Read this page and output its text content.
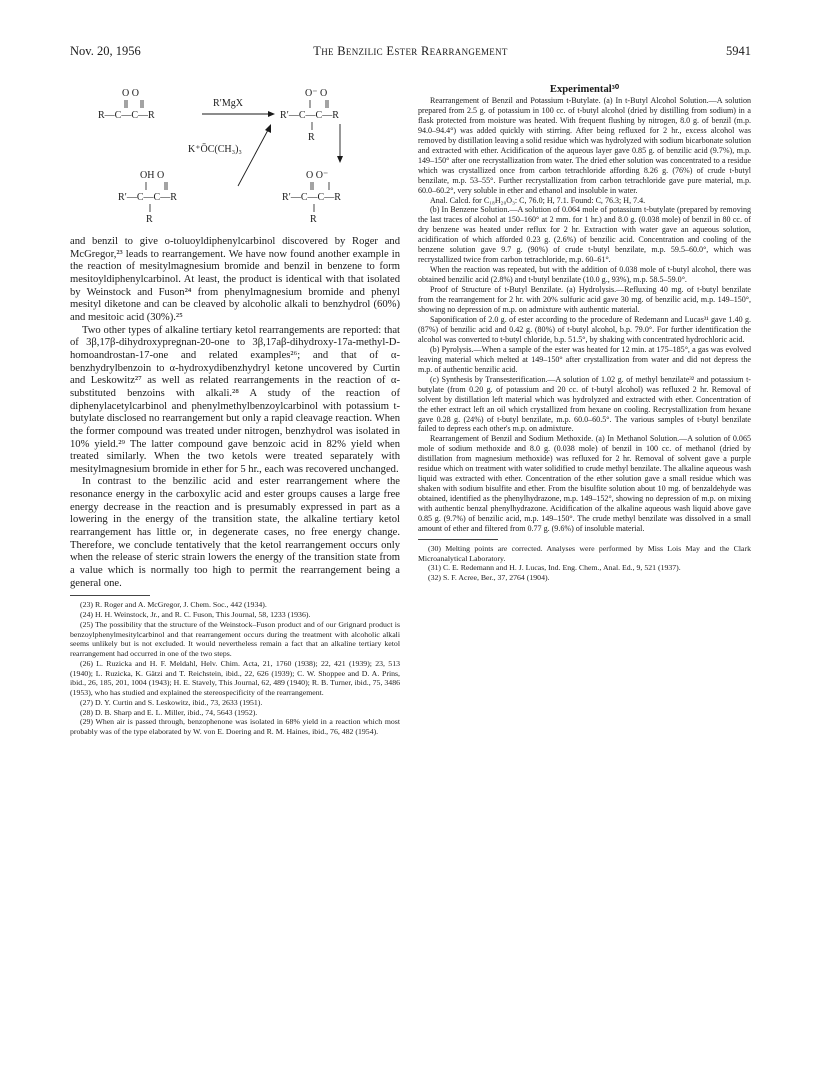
Nov. 20, 1956	The Benzilic Ester Rearrangement	5941
O O
R—C—C—R
R′MgX
O⁻ O
R′—C—C—R
R
K⁺ŌC(CH₃)₃
OH O
R′—C—C—R
R
O O⁻
R′—C—C—R
R

and benzil to give o-toluoyldiphenylcarbinol discovered by Roger and McGregor,²³ leads to rearrangement. We have now found another example in the reaction of mesitylmagnesium bromide and benzil in benzene to form mesitoyldiphenylcarbinol. At least, the product is identical with that isolated by Weinstock and Fuson²⁴ from phenylmagnesium bromide and phenyl mesityl diketone and can be cleaved by alcoholic alkali to benzhydrol (60%) and mesitoic acid (30%).²⁵

Two other types of alkaline tertiary ketol rearrangements are reported: that of 3β,17β-dihydroxypregnan-20-one to 3β,17aβ-dihydroxy-17a-methyl-D-homoandrostan-17-one and related examples²⁶; and that of α-benzhydrylbenzoin to α-hydroxydibenzhydryl ketone uncovered by Curtin and Leskowitz²⁷ as well as related rearrangements in the reaction of α-substituted benzoins with alkali.²⁸ A study of the reaction of diphenylacetylcarbinol and phenylmethylbenzoylcarbinol with potassium t-butylate disclosed no rearrangement but only a rapid cleavage reaction. When the former compound was treated under nitrogen, benzhydrol was isolated in 10% yield.²⁹ The latter compound gave benzoic acid in 82% yield when treated similarly. When the two ketols were treated separately with mesitylmagnesium bromide in ether for 5 hr., each was recovered unchanged.

In contrast to the benzilic acid and ester rearrangement where the resonance energy in the carboxylic acid and ester groups causes a large free energy decrease in the reaction and is presumably expressed in part as a lowering in the energy of the transition state, the alkaline tertiary ketol rearrangement has little or, in degenerate cases, no free energy change. Therefore, we conclude tentatively that the ketol rearrangement occurs only when the release of steric strain lowers the energy of the transition state from a value which is normally too high to permit the rearrangement being a general one.

(23) R. Roger and A. McGregor, J. Chem. Soc., 442 (1934).

(24) H. H. Weinstock, Jr., and R. C. Fuson, This Journal, 58, 1233 (1936).

(25) The possibility that the structure of the Weinstock–Fuson product and of our Grignard product is benzoylphenylmesitylcarbinol and that rearrangement occurs during the treatment with alcoholic alkali seems unlikely but is not excluded. It would nevertheless remain a fact that an alkaline tertiary ketol rearrangement had occurred in one of the two steps.

(26) L. Ruzicka and H. F. Meldahl, Helv. Chim. Acta, 21, 1760 (1938); 22, 421 (1939); 23, 513 (1940); L. Ruzicka, K. Gätzi and T. Reichstein, ibid., 22, 626 (1939); C. W. Shoppee and D. A. Prins, ibid., 26, 185, 201, 1004 (1943); H. E. Stavely, This Journal, 62, 489 (1940); R. B. Turner, ibid., 75, 3486 (1953), who has studied and explained the stereospecificity of the rearrangement.

(27) D. Y. Curtin and S. Leskowitz, ibid., 73, 2633 (1951).

(28) D. B. Sharp and E. L. Miller, ibid., 74, 5643 (1952).

(29) When air is passed through, benzophenone was isolated in 68% yield in a reaction which most probably was of the type elaborated by W. von E. Doering and R. M. Haines, ibid., 76, 482 (1954).

Experimental³⁰

Rearrangement of Benzil and Potassium t-Butylate. (a) In t-Butyl Alcohol Solution.—A solution prepared from 2.5 g. of potassium in 100 cc. of t-butyl alcohol (dried by distilling from sodium) in a flask protected from moisture was heated. With frequent flushing by nitrogen, 8.0 g. of benzil (m.p. 94.0–94.4°) was added quickly with stirring. After being refluxed for 2 hr., excess alcohol was removed by distillation leaving a solid residue which was hydrolyzed with sodium bicarbonate solution and extracted with ether. Acidification of the aqueous layer gave 0.85 g. of benzilic acid (9.7%), m.p. 149–150° after one recrystallization from water. The dried ether solution was concentrated to a residue which was crystallized once from carbon tetrachloride affording 8.26 g. (76%) of crude t-butyl benzilate, m.p. 53–55°. Further recrystallization from carbon tetrachloride gave pure material, m.p. 60.0–60.2°, very soluble in ether and ethanol and insoluble in water.

Anal. Calcd. for C₁₈H₂₀O₃: C, 76.0; H, 7.1. Found: C, 76.3; H, 7.4.

(b) In Benzene Solution.—A solution of 0.064 mole of potassium t-butylate (prepared by removing the last traces of alcohol at 150–160° at 2 mm. for 1 hr.) and 8.0 g. (0.038 mole) of benzil in 80 cc. of dry benzene was heated under reflux for 2 hr. Extraction with water gave an aqueous solution, acidification of which afforded 0.23 g. (2.6%) of benzilic acid. Concentration and cooling of the benzene solution gave 9.7 g. (90%) of crude t-butyl benzilate, m.p. 59.5–60.0°, which was recrystallized twice from carbon tetrachloride, m.p. 60–61°.

When the reaction was repeated, but with the addition of 0.038 mole of t-butyl alcohol, there was obtained benzilic acid (2.8%) and t-butyl benzilate (10.0 g., 93%), m.p. 58.5–59.0°.

Proof of Structure of t-Butyl Benzilate. (a) Hydrolysis.—Refluxing 40 mg. of t-butyl benzilate from the rearrangement for 2 hr. with 20% sulfuric acid gave 30 mg. of benzilic acid, m.p. 149–150°, showing no depression of m.p. on admixture with authentic material.

Saponification of 2.0 g. of ester according to the procedure of Redemann and Lucas³¹ gave 1.40 g. (87%) of benzilic acid and 0.42 g. (80%) of t-butyl alcohol, b.p. 79.0°. For further identification the alcohol was converted to t-butyl chloride, b.p. 51.5°, by shaking with concentrated hydrochloric acid.

(b) Pyrolysis.—When a sample of the ester was heated for 12 min. at 175–185°, a gas was evolved leaving material which melted at 149–150° after crystallization from water and did not depress the m.p. of authentic benzilic acid.

(c) Synthesis by Transesterification.—A solution of 1.02 g. of methyl benzilate³² and potassium t-butylate (from 0.20 g. of potassium and 20 cc. of t-butyl alcohol) was refluxed 2 hr. Removal of solvent by distillation left material which was hydrolyzed and extracted with ether. Concentration of the ether extract left an oil which crystallized from hexane on cooling. Recrystallization from hexane gave 0.28 g. (24%) of t-butyl benzilate, m.p. 60.0–60.5°. The various samples of t-butyl benzilate failed to depress each other's m.p. on admixture.

Rearrangement of Benzil and Sodium Methoxide. (a) In Methanol Solution.—A solution of 0.065 mole of sodium methoxide and 8.0 g. (0.038 mole) of benzil in 100 cc. of methanol (dried by distillation from magnesium methoxide) was refluxed for 2 hr. Removal of solvent gave a purple residue which on treatment with water solidified to crude methyl benzilate. The alkaline aqueous wash liquid was extracted with ether. Concentration of the ether solution gave a small residue which was shaken with sodium bisulfite and ether. From the bisulfite solution about 10 mg. of benzaldehyde was obtained, identified as the phenylhydrazone, m.p. 149–152°, showing no depression of m.p. on mixing with authentic benzal phenylhydrazone. Acidification of the alkaline aqueous wash liquid above gave 0.85 g. (9.7%) of benzilic acid, m.p. 149–150°. The crude methyl benzilate was dissolved in a small amount of ether and filtered from 0.77 g. (9.6%) of insoluble material.

(30) Melting points are corrected. Analyses were performed by Miss Lois May and the Clark Microanalytical Laboratory.

(31) C. E. Redemann and H. J. Lucas, Ind. Eng. Chem., Anal. Ed., 9, 521 (1937).

(32) S. F. Acree, Ber., 37, 2764 (1904).
